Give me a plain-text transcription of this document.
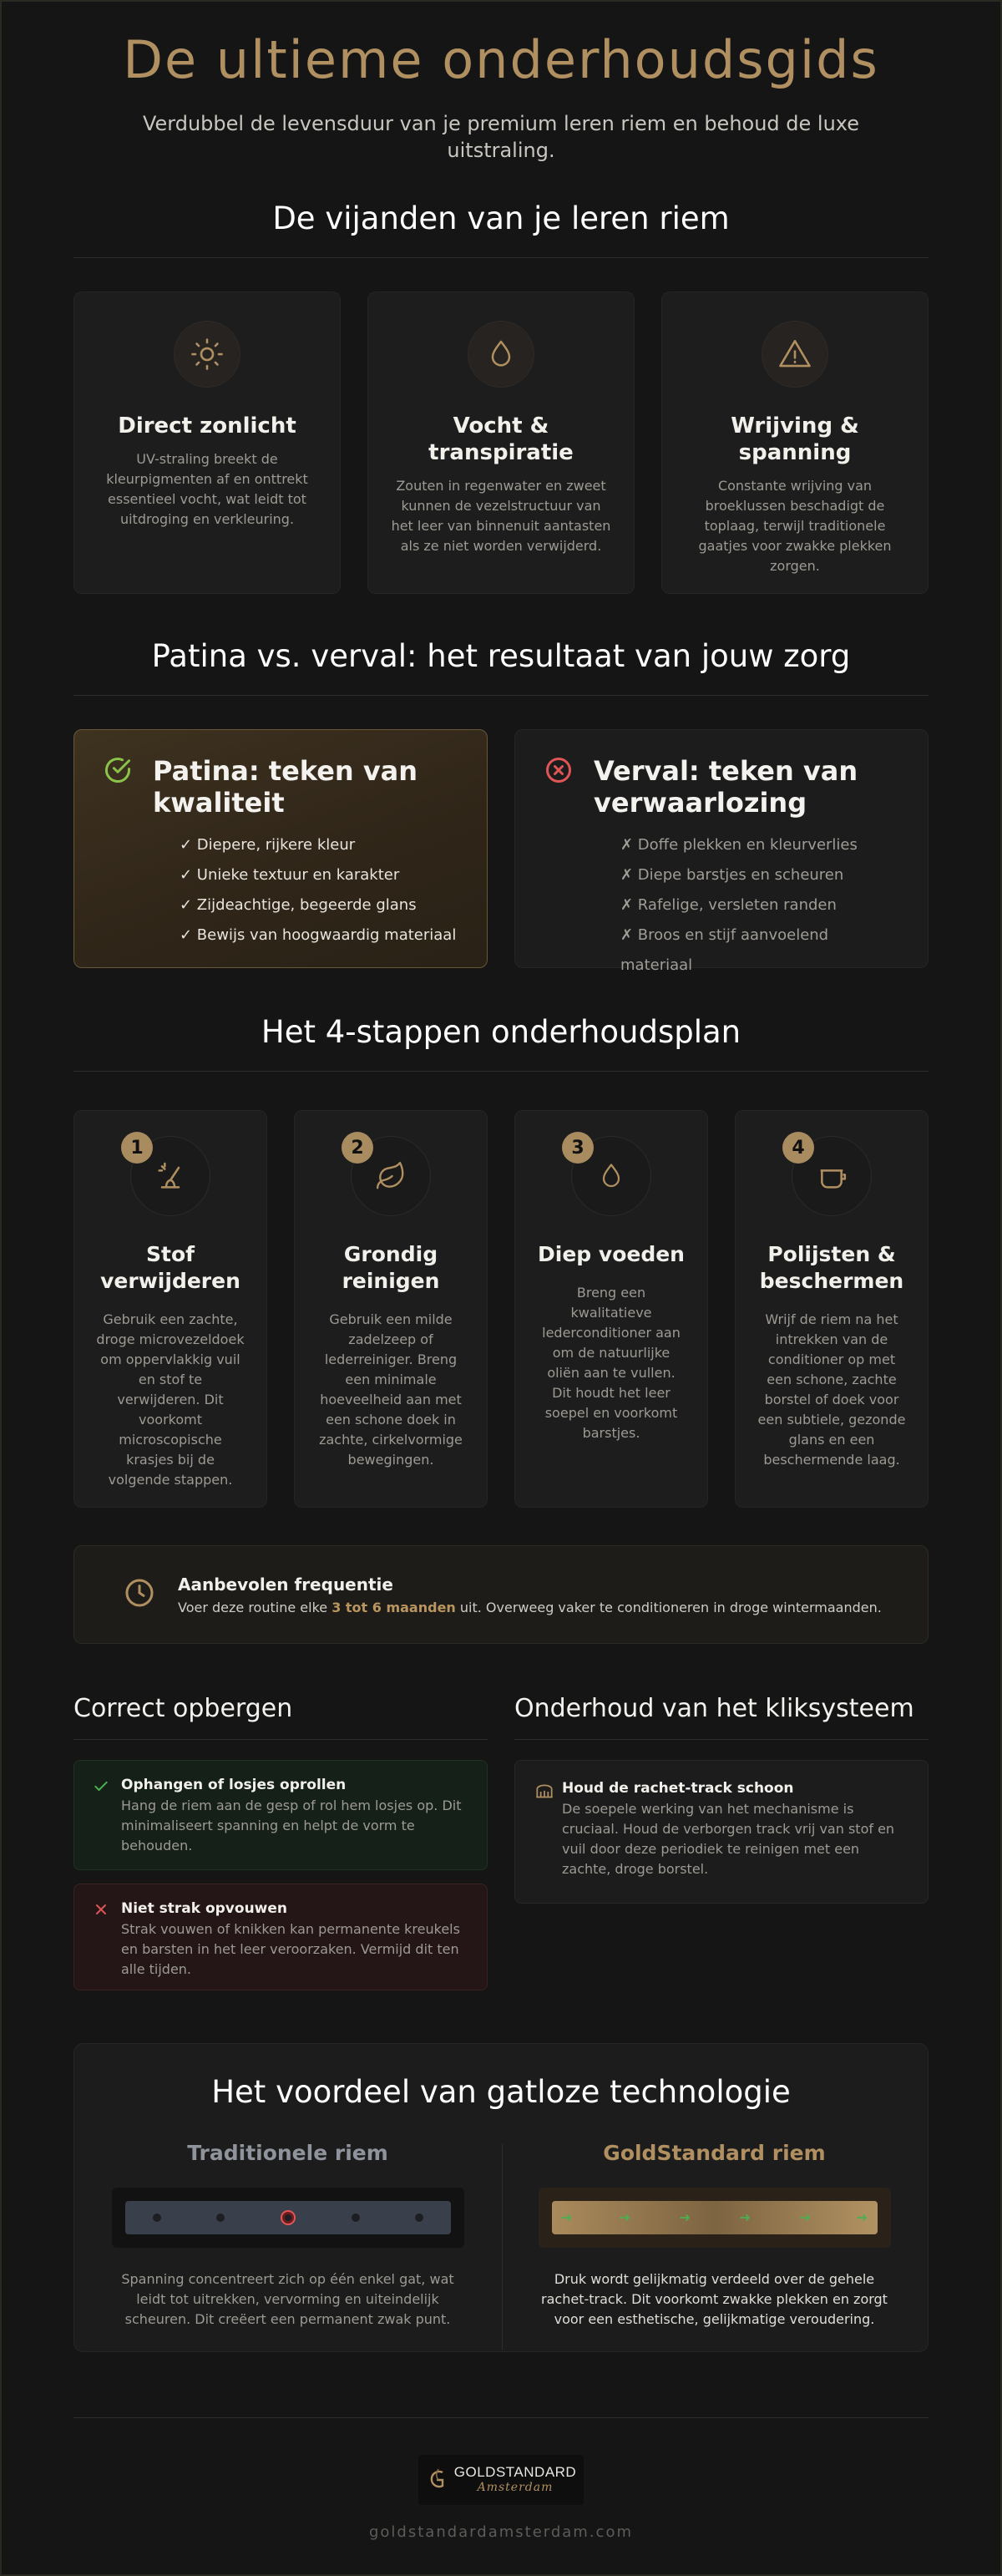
De ultieme onderhoudsgids

Verdubbel de levensduur van je premium leren riem en behoud de luxe uitstraling.

De vijanden van je leren riem
Direct zonlicht

UV-straling breekt de kleurpigmenten af en onttrekt essentieel vocht, wat leidt tot uitdroging en verkleuring.

Vocht & transpiratie

Zouten in regenwater en zweet kunnen de vezelstructuur van het leer van binnenuit aantasten als ze niet worden verwijderd.

Wrijving & spanning

Constante wrijving van broeklussen beschadigt de toplaag, terwijl traditionele gaatjes voor zwakke plekken zorgen.

Patina vs. verval: het resultaat van jouw zorg
Patina: teken van kwaliteit
✓ Diepere, rijkere kleur
✓ Unieke textuur en karakter
✓ Zijdeachtige, begeerde glans
✓ Bewijs van hoogwaardig materiaal
Verval: teken van verwaarlozing
✗ Doffe plekken en kleurverlies
✗ Diepe barstjes en scheuren
✗ Rafelige, versleten randen
✗ Broos en stijf aanvoelend materiaal
Het 4-stappen onderhoudsplan
1
Stof verwijderen

Gebruik een zachte, droge microvezeldoek om oppervlakkig vuil en stof te verwijderen. Dit voorkomt microscopische krasjes bij de volgende stappen.

2
Grondig reinigen

Gebruik een milde zadelzeep of lederreiniger. Breng een minimale hoeveelheid aan met een schone doek in zachte, cirkelvormige bewegingen.

3
Diep voeden

Breng een kwalitatieve lederconditioner aan om de natuurlijke oliën aan te vullen. Dit houdt het leer soepel en voorkomt barstjes.

4
Polijsten & beschermen

Wrijf de riem na het intrekken van de conditioner op met een schone, zachte borstel of doek voor een subtiele, gezonde glans en een beschermende laag.

Aanbevolen frequentie

Voer deze routine elke 3 tot 6 maanden uit. Overweeg vaker te conditioneren in droge wintermaanden.

Correct opbergen
Ophangen of losjes oprollen

Hang de riem aan de gesp of rol hem losjes op. Dit minimaliseert spanning en helpt de vorm te behouden.

Niet strak opvouwen

Strak vouwen of knikken kan permanente kreukels en barsten in het leer veroorzaken. Vermijd dit ten alle tijden.

Onderhoud van het kliksysteem
Houd de rachet-track schoon

De soepele werking van het mechanisme is cruciaal. Houd de verborgen track vrij van stof en vuil door deze periodiek te reinigen met een zachte, droge borstel.

Het voordeel van gatloze technologie
Traditionele riem

Spanning concentreert zich op één enkel gat, wat leidt tot uitrekken, vervorming en uiteindelijk scheuren. Dit creëert een permanent zwak punt.

GoldStandard riem

Druk wordt gelijkmatig verdeeld over de gehele rachet-track. Dit voorkomt zwakke plekken en zorgt voor een esthetische, gelijkmatige veroudering.

GOLDSTANDARD
Amsterdam
goldstandardamsterdam.com
